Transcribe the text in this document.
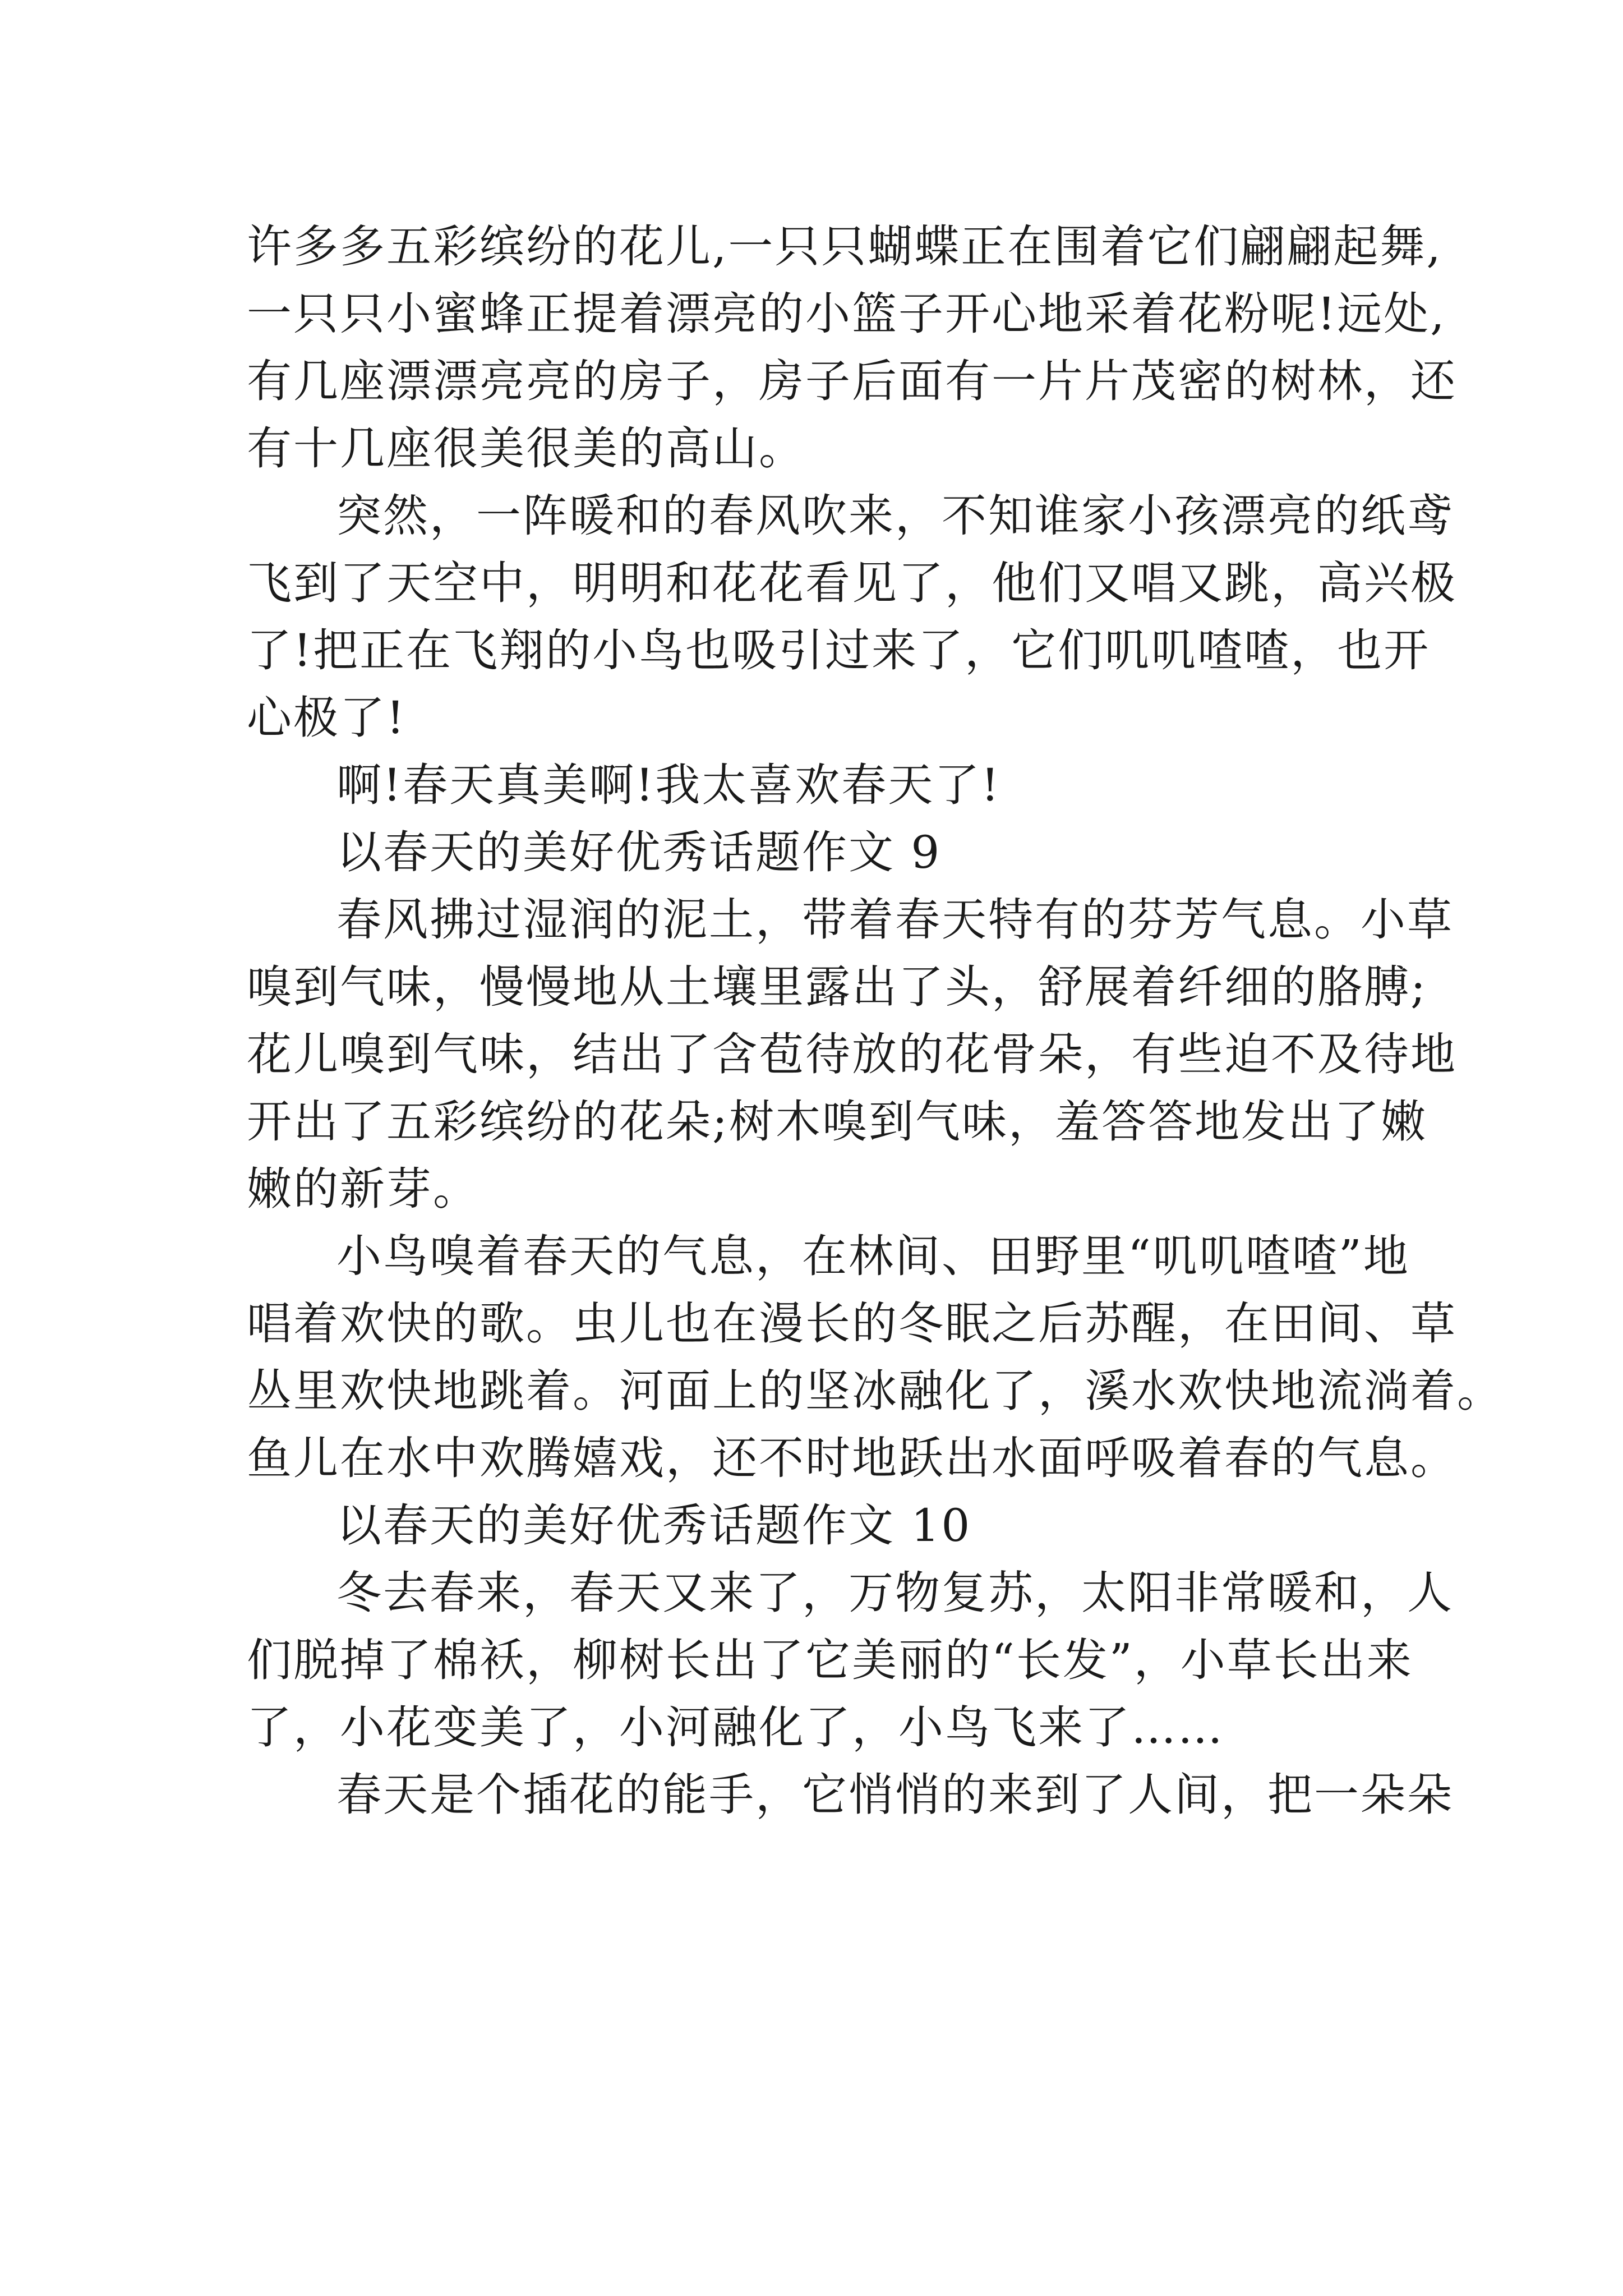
许多多五彩缤纷的花儿,一只只蝴蝶正在围着它们翩翩起舞,

一只只小蜜蜂正提着漂亮的小篮子开心地采着花粉呢!远处,

有几座漂漂亮亮的房子，房子后面有一片片茂密的树林，还

有十几座很美很美的高山。

突然，一阵暖和的春风吹来，不知谁家小孩漂亮的纸鸢

飞到了天空中，明明和花花看见了，他们又唱又跳，高兴极

了!把正在飞翔的小鸟也吸引过来了，它们叽叽喳喳，也开

心极了!

啊!春天真美啊!我太喜欢春天了!

以春天的美好优秀话题作文 9

春风拂过湿润的泥土，带着春天特有的芬芳气息。小草

嗅到气味，慢慢地从土壤里露出了头，舒展着纤细的胳膊;

花儿嗅到气味，结出了含苞待放的花骨朵，有些迫不及待地

开出了五彩缤纷的花朵;树木嗅到气味，羞答答地发出了嫩

嫩的新芽。

小鸟嗅着春天的气息，在林间、田野里“叽叽喳喳”地

唱着欢快的歌。虫儿也在漫长的冬眠之后苏醒，在田间、草

丛里欢快地跳着。河面上的坚冰融化了，溪水欢快地流淌着。

鱼儿在水中欢腾嬉戏，还不时地跃出水面呼吸着春的气息。

以春天的美好优秀话题作文 10

冬去春来，春天又来了，万物复苏，太阳非常暖和，人

们脱掉了棉袄，柳树长出了它美丽的“长发”，小草长出来

了，小花变美了，小河融化了，小鸟飞来了……

春天是个插花的能手，它悄悄的来到了人间，把一朵朵
